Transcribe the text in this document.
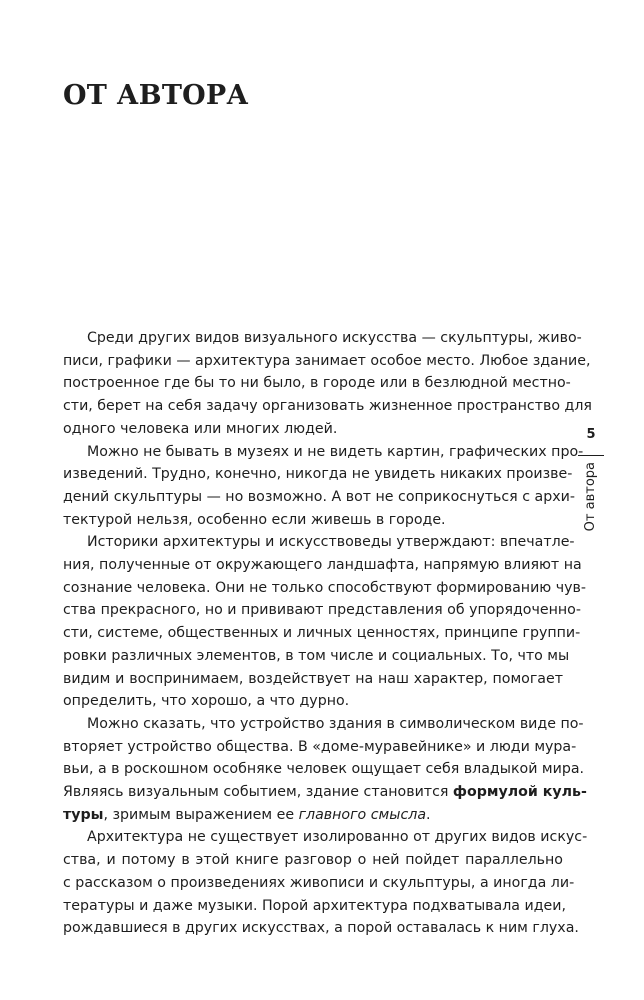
ОТ АВТОРА
5
От автора

Среди других видов визуального искусства — скульптуры, живо-
писи, графики — архитектура занимает особое место. Любое здание,
построенное где бы то ни было, в городе или в безлюдной местно-
сти, берет на себя задачу организовать жизненное пространство для
одного человека или многих людей.

Можно не бывать в музеях и не видеть картин, графических про-
изведений. Трудно, конечно, никогда не увидеть никаких произве-
дений скульптуры — но возможно. А вот не соприкоснуться с архи-
тектурой нельзя, особенно если живешь в городе.

Историки архитектуры и искусствоведы утверждают: впечатле-
ния, полученные от окружающего ландшафта, напрямую влияют на
сознание человека. Они не только способствуют формированию чув-
ства прекрасного, но и прививают представления об упорядоченно-
сти, системе, общественных и личных ценностях, принципе группи-
ровки различных элементов, в том числе и социальных. То, что мы
видим и воспринимаем, воздействует на наш характер, помогает
определить, что хорошо, а что дурно.

Можно сказать, что устройство здания в символическом виде по-
вторяет устройство общества. В «доме-муравейнике» и люди мура-
вьи, а в роскошном особняке человек ощущает себя владыкой мира.
Являясь визуальным событием, здание становится формулой куль-
туры, зримым выражением ее главного смысла.

Архитектура не существует изолированно от других видов искус-
ства, и потому в этой книге разговор о ней пойдет параллельно
с рассказом о произведениях живописи и скульптуры, а иногда ли-
тературы и даже музыки. Порой архитектура подхватывала идеи,
рождавшиеся в других искусствах, а порой оставалась к ним глуха.
